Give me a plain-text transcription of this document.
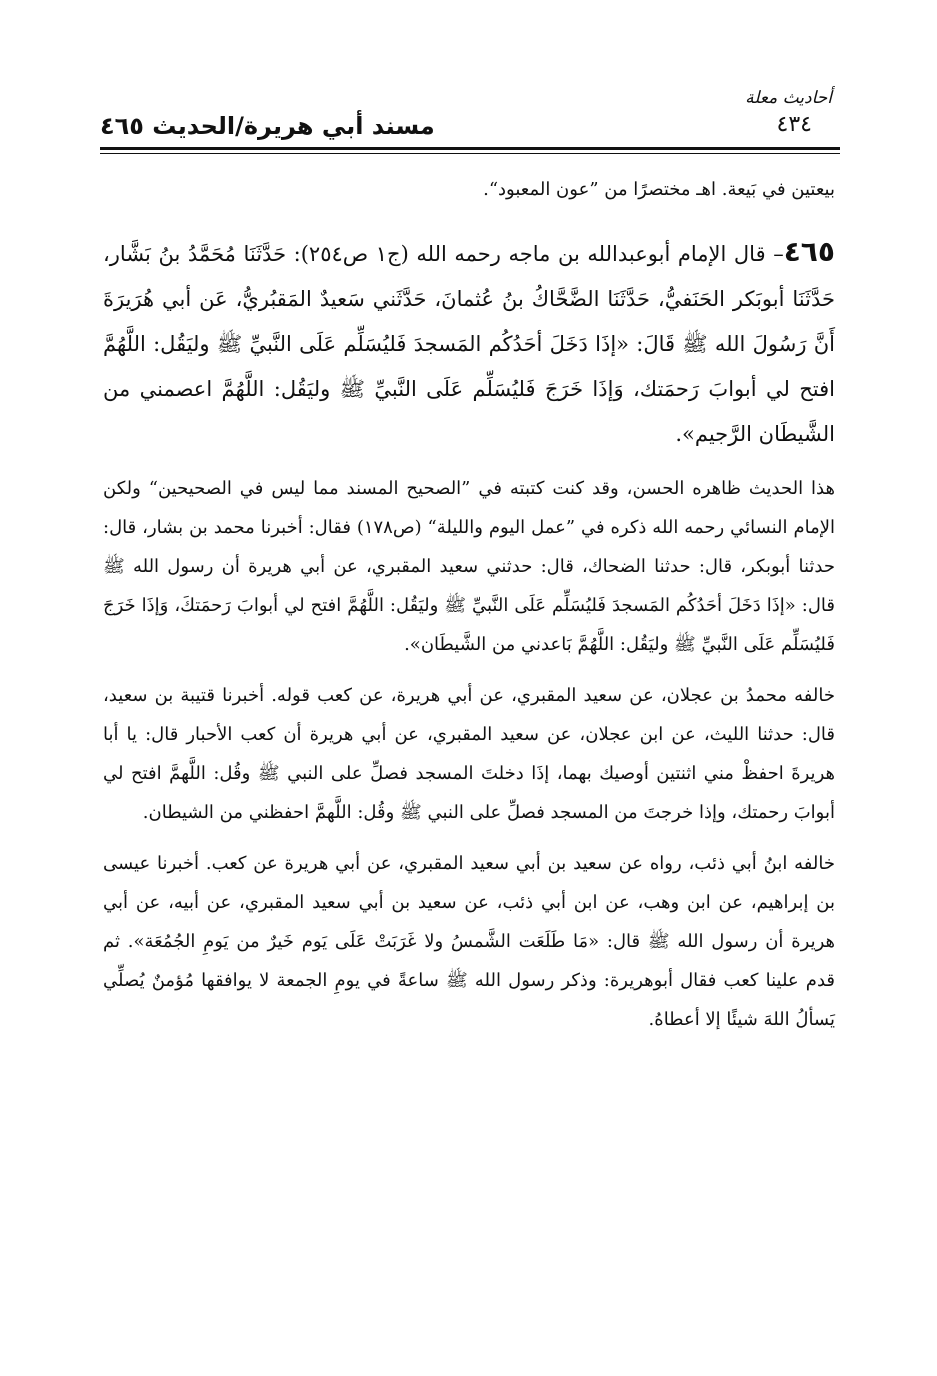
أحاديث معلة
٤٣٤
مسند أبي هريرة/الحديث ٤٦٥

بيعتين في بَيعة. اهـ مختصرًا من ”عون المعبود“.

٤٦٥– قال الإمام أبوعبدالله بن ماجه رحمه الله (ج١ ص٢٥٤): حَدَّثَنَا مُحَمَّدُ بنُ بَشَّار، حَدَّثَنَا أبوبَكر الحَنَفيُّ، حَدَّثَنَا الضَّحَّاكُ بنُ عُثمانَ، حَدَّثَني سَعيدٌ المَقبُريُّ، عَن أبي هُرَيرَةَ أَنَّ رَسُولَ الله ﷺ قَالَ: «إذَا دَخَلَ أحَدُكُم المَسجدَ فَليُسَلِّم عَلَى النَّبيِّ ﷺ وليَقُل: اللَّهُمَّ افتح لي أبوابَ رَحمَتك، وَإذَا خَرَجَ فَليُسَلِّم عَلَى النَّبيِّ ﷺ وليَقُل: اللَّهُمَّ اعصمني من الشَّيطَان الرَّجيم».

هذا الحديث ظاهره الحسن، وقد كنت كتبته في ”الصحيح المسند مما ليس في الصحيحين“ ولكن الإمام النسائي رحمه الله ذكره في ”عمل اليوم والليلة“ (ص١٧٨) فقال: أخبرنا محمد بن بشار، قال: حدثنا أبوبكر، قال: حدثنا الضحاك، قال: حدثني سعيد المقبري، عن أبي هريرة أن رسول الله ﷺ قال: «إذَا دَخَلَ أحَدُكُم المَسجدَ فَليُسَلِّم عَلَى النَّبيِّ ﷺ وليَقُل: اللَّهُمَّ افتح لي أبوابَ رَحمَتكَ، وَإذَا خَرَجَ فَليُسَلِّم عَلَى النَّبيِّ ﷺ وليَقُل: اللَّهُمَّ بَاعدني من الشَّيطَان».

خالفه محمدُ بن عجلان، عن سعيد المقبري، عن أبي هريرة، عن كعب قوله. أخبرنا قتيبة بن سعيد، قال: حدثنا الليث، عن ابن عجلان، عن سعيد المقبري، عن أبي هريرة أن كعب الأحبار قال: يا أبا هريرةَ احفظْ مني اثنتين أوصيك بهما، إذَا دخلتَ المسجد فصلِّ على النبي ﷺ وقُل: اللَّهمَّ افتح لي أبوابَ رحمتك، وإذا خرجتَ من المسجد فصلِّ على النبي ﷺ وقُل: اللَّهمَّ احفظني من الشيطان.

خالفه ابنُ أبي ذئب، رواه عن سعيد بن أبي سعيد المقبري، عن أبي هريرة عن كعب. أخبرنا عيسى بن إبراهيم، عن ابن وهب، عن ابن أبي ذئب، عن سعيد بن أبي سعيد المقبري، عن أبيه، عن أبي هريرة أن رسول الله ﷺ قال: «مَا طَلَعَت الشَّمسُ ولا غَرَبَتْ عَلَى يَوم خَيرٌ من يَومِ الجُمُعَة». ثم قدم علينا كعب فقال أبوهريرة: وذكر رسول الله ﷺ ساعةً في يومِ الجمعة لا يوافقها مُؤمنٌ يُصلِّي يَسألُ اللهَ شيئًا إلا أعطاهُ.
